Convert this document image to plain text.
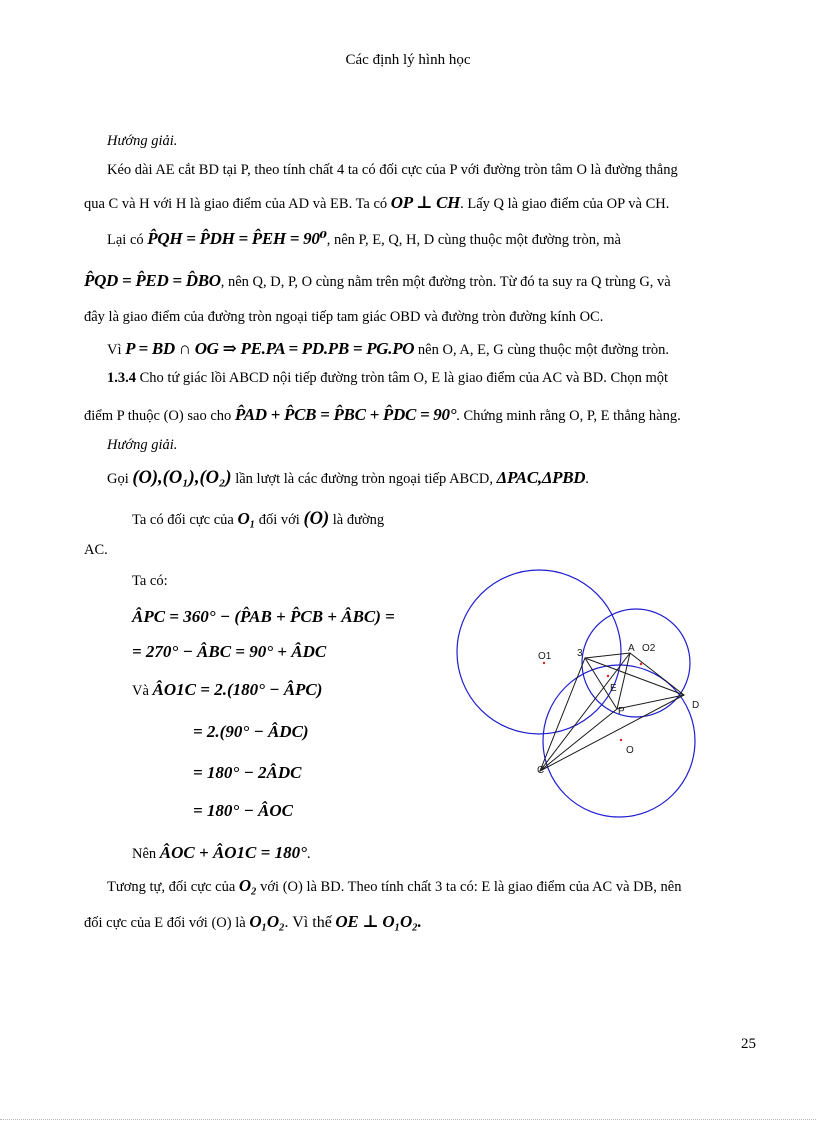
Các định lý hình học
Hướng giải.
Kéo dài AE cắt BD tại P, theo tính chất 4 ta có đối cực của P với đường tròn tâm O là đường thẳng
qua C và H với H là giao điểm của AD và EB. Ta có OP ⊥ CH. Lấy Q là giao điểm của OP và CH.
Lại có P̂QH = P̂DH = P̂EH = 90⁰, nên P, E, Q, H, D cùng thuộc một đường tròn, mà
P̂QD = P̂ED = D̂BO, nên Q, D, P, O cùng nằm trên một đường tròn. Từ đó ta suy ra Q trùng G, và
đây là giao điểm của đường tròn ngoại tiếp tam giác OBD và đường tròn đường kính OC.
Vì P = BD ∩ OG ⇒ PE.PA = PD.PB = PG.PO nên O, A, E, G cùng thuộc một đường tròn.
1.3.4 Cho tứ giác lồi ABCD nội tiếp đường tròn tâm O, E là giao điểm của AC và BD. Chọn một
điểm P thuộc (O) sao cho P̂AD + P̂CB = P̂BC + P̂DC = 90°. Chứng minh rằng O, P, E thẳng hàng.
Hướng giải.
Gọi (O),(O₁),(O₂) lần lượt là các đường tròn ngoại tiếp ABCD, ΔPAC,ΔPBD.
Ta có đối cực của O₁ đối với (O) là đường
AC.
Ta có:
ÂPC = 360° − (P̂AB + P̂CB + ÂBC) =
= 270° − ÂBC = 90° + ÂDC
Và ÂO1C = 2.(180° − ÂPC)
= 2.(90° − ÂDC)
= 180° − 2ÂDC
= 180° − ÂOC
Nên ÂOC + ÂO1C = 180°.
Tương tự, đối cực của O₂ với (O) là BD. Theo tính chất 3 ta có: E là giao điểm của AC và DB, nên
đối cực của E đối với (O) là O₁O₂. Vì thế OE ⊥ O₁O₂.
O1	3	A O2
E
D
P
O
C
25
